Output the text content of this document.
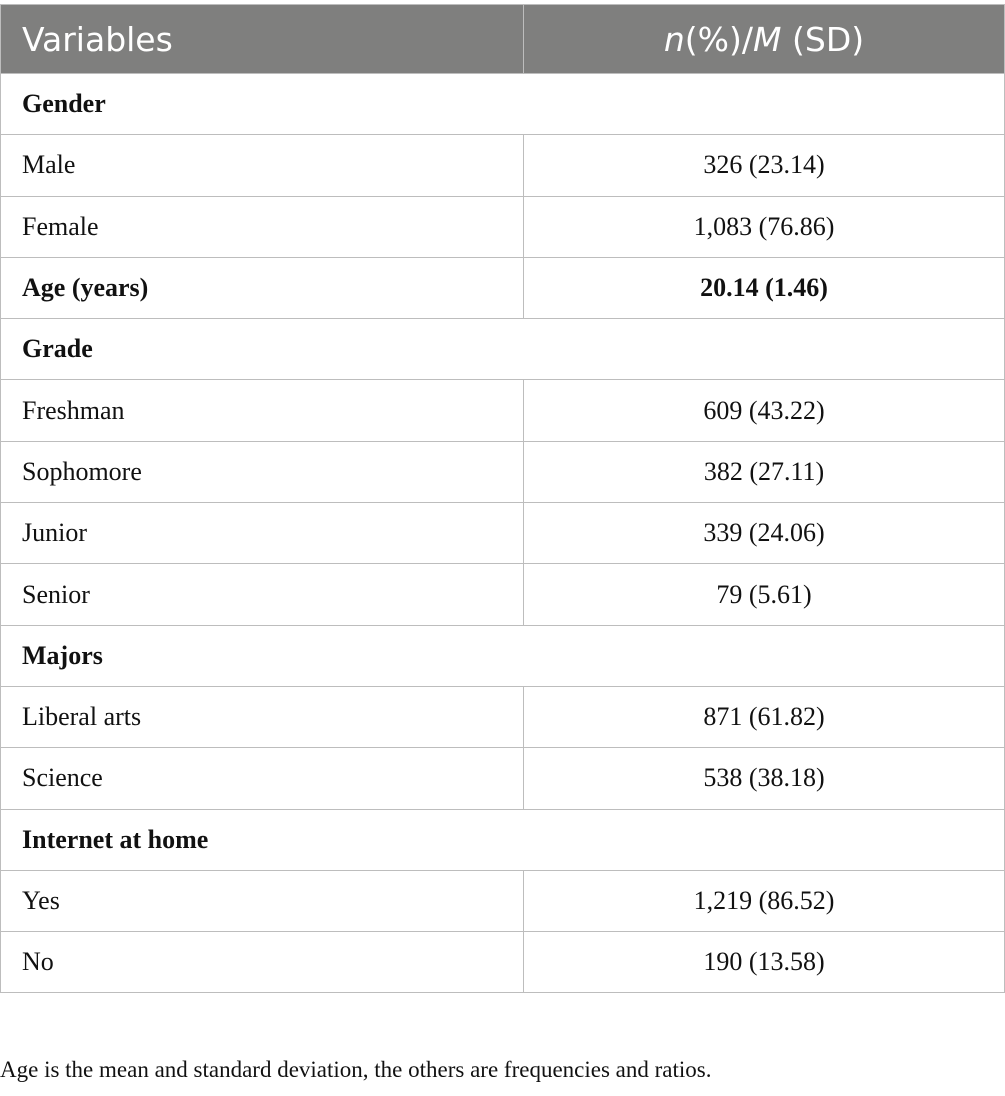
Variables	n(%)/M (SD)
Gender	
Male	326 (23.14)
Female	1,083 (76.86)
Age (years)	20.14 (1.46)
Grade	
Freshman	609 (43.22)
Sophomore	382 (27.11)
Junior	339 (24.06)
Senior	79 (5.61)
Majors	
Liberal arts	871 (61.82)
Science	538 (38.18)
Internet at home	
Yes	1,219 (86.52)
No	190 (13.58)

Age is the mean and standard deviation, the others are frequencies and ratios.
